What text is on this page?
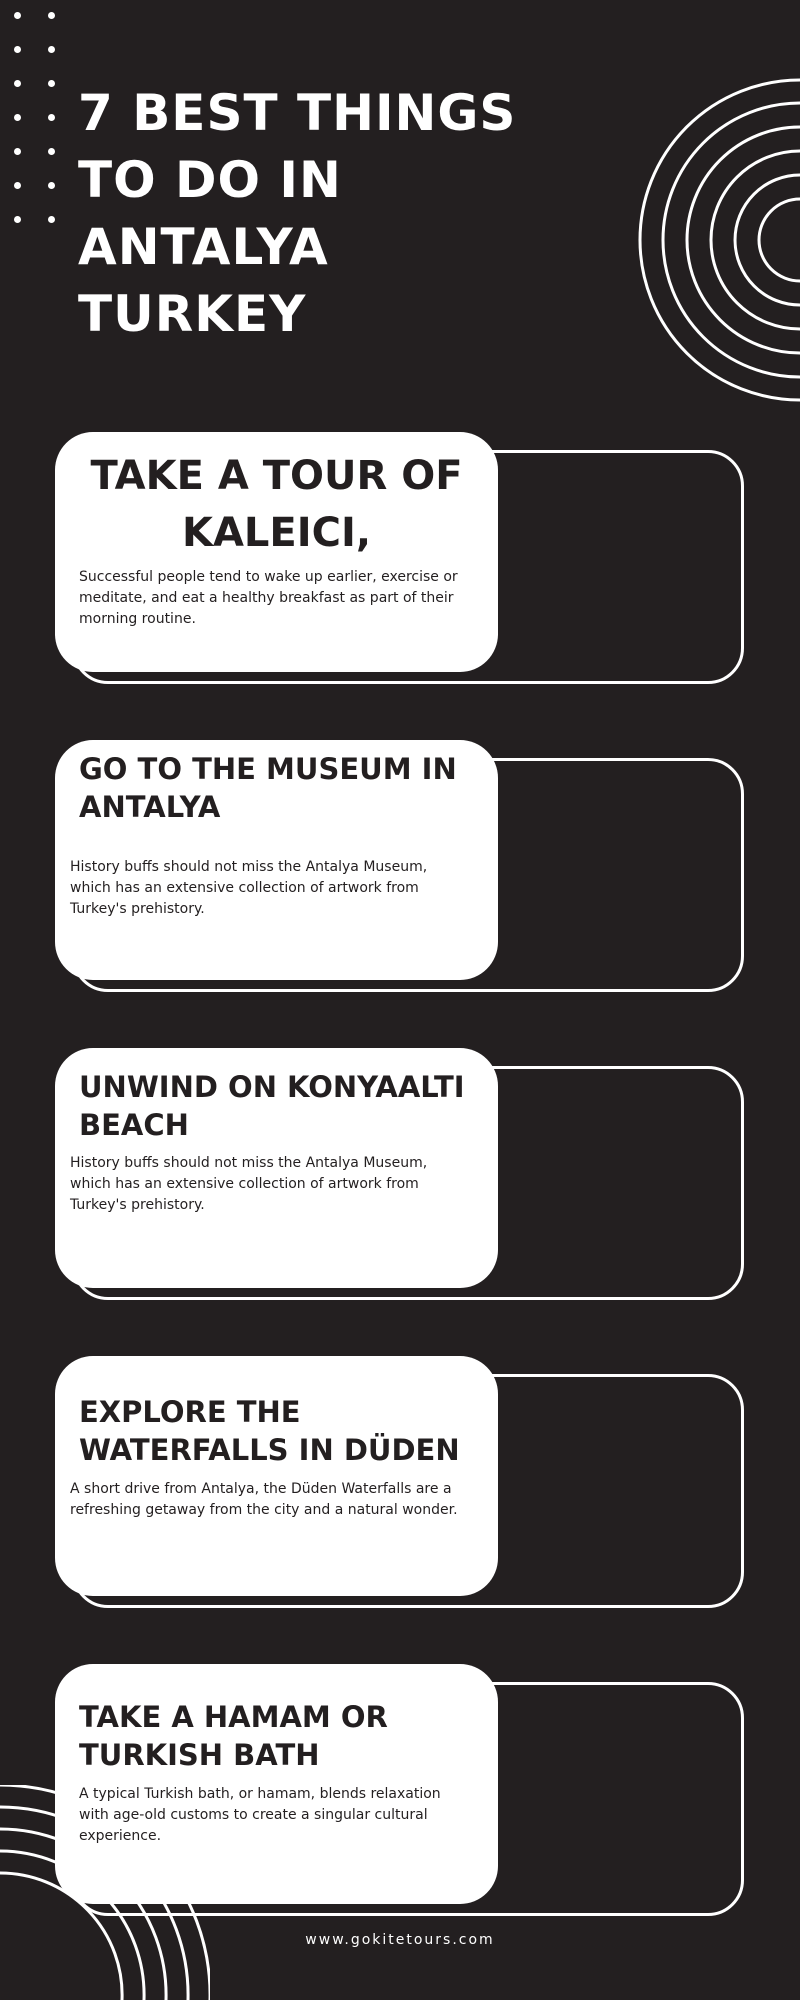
7 BEST THINGS
TO DO IN
ANTALYA
TURKEY
TAKE A TOUR OF KALEICI,

Successful people tend to wake up earlier, exercise or meditate, and eat a healthy breakfast as part of their morning routine.

GO TO THE MUSEUM IN ANTALYA

History buffs should not miss the Antalya Museum, which has an extensive collection of artwork from Turkey's prehistory.

UNWIND ON KONYAALTI BEACH

History buffs should not miss the Antalya Museum, which has an extensive collection of artwork from Turkey's prehistory.

EXPLORE THE WATERFALLS IN DÜDEN

A short drive from Antalya, the Düden Waterfalls are a refreshing getaway from the city and a natural wonder.

TAKE A HAMAM OR TURKISH BATH

A typical Turkish bath, or hamam, blends relaxation with age-old customs to create a singular cultural experience.

www.gokitetours.com
